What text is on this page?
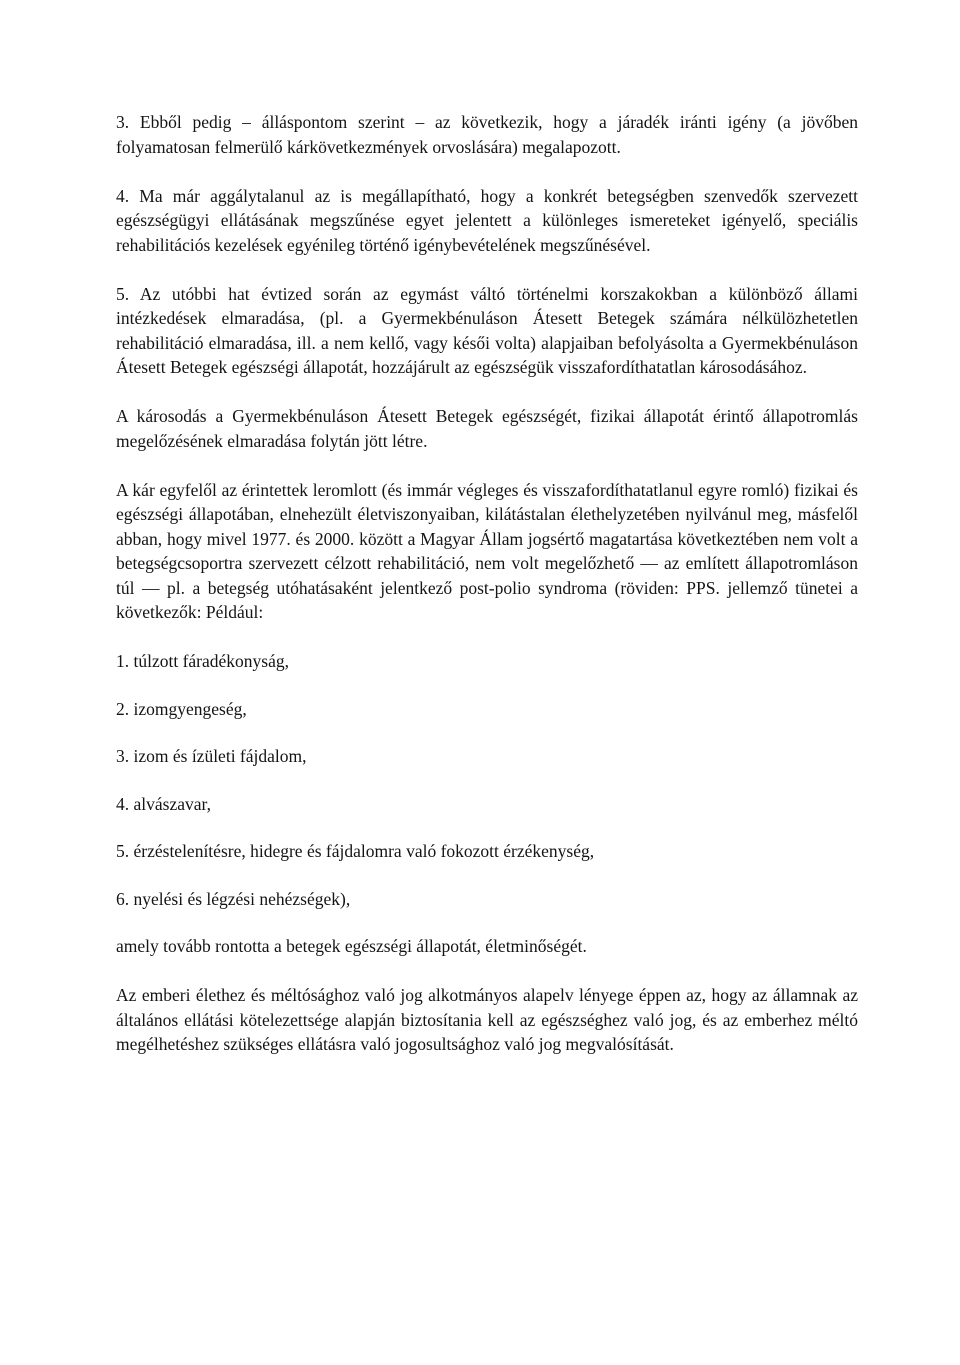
3. Ebből pedig – álláspontom szerint – az következik, hogy a járadék iránti igény (a jövőben folyamatosan felmerülő kárkövetkezmények orvoslására) megalapozott.

4. Ma már aggálytalanul az is megállapítható, hogy a konkrét betegségben szenvedők szervezett egészségügyi ellátásának megszűnése egyet jelentett a különleges ismereteket igényelő, speciális rehabilitációs kezelések egyénileg történő igénybevételének megszűnésével.

5. Az utóbbi hat évtized során az egymást váltó történelmi korszakokban a különböző állami intézkedések elmaradása, (pl. a Gyermekbénuláson Átesett Betegek számára nélkülözhetetlen rehabilitáció elmaradása, ill. a nem kellő, vagy késői volta) alapjaiban befolyásolta a Gyermekbénuláson Átesett Betegek egészségi állapotát, hozzájárult az egészségük visszafordíthatatlan károsodásához.

A károsodás a Gyermekbénuláson Átesett Betegek egészségét, fizikai állapotát érintő állapotromlás megelőzésének elmaradása folytán jött létre.

A kár egyfelől az érintettek leromlott (és immár végleges és visszafordíthatatlanul egyre romló) fizikai és egészségi állapotában, elnehezült életviszonyaiban, kilátástalan élethelyzetében nyilvánul meg, másfelől abban, hogy mivel 1977. és 2000. között a Magyar Állam jogsértő magatartása következtében nem volt a betegségcsoportra szervezett célzott rehabilitáció, nem volt megelőzhető — az említett állapotromláson túl — pl. a betegség utóhatásaként jelentkező post-polio syndroma (röviden: PPS. jellemző tünetei a következők: Például:

1. túlzott fáradékonyság,
2. izomgyengeség,
3. izom és ízületi fájdalom,
4. alvászavar,
5. érzéstelenítésre, hidegre és fájdalomra való fokozott érzékenység,
6. nyelési és légzési nehézségek),

amely tovább rontotta a betegek egészségi állapotát, életminőségét.

Az emberi élethez és méltósághoz való jog alkotmányos alapelv lényege éppen az, hogy az államnak az általános ellátási kötelezettsége alapján biztosítania kell az egészséghez való jog, és az emberhez méltó megélhetéshez szükséges ellátásra való jogosultsághoz való jog megvalósítását.
